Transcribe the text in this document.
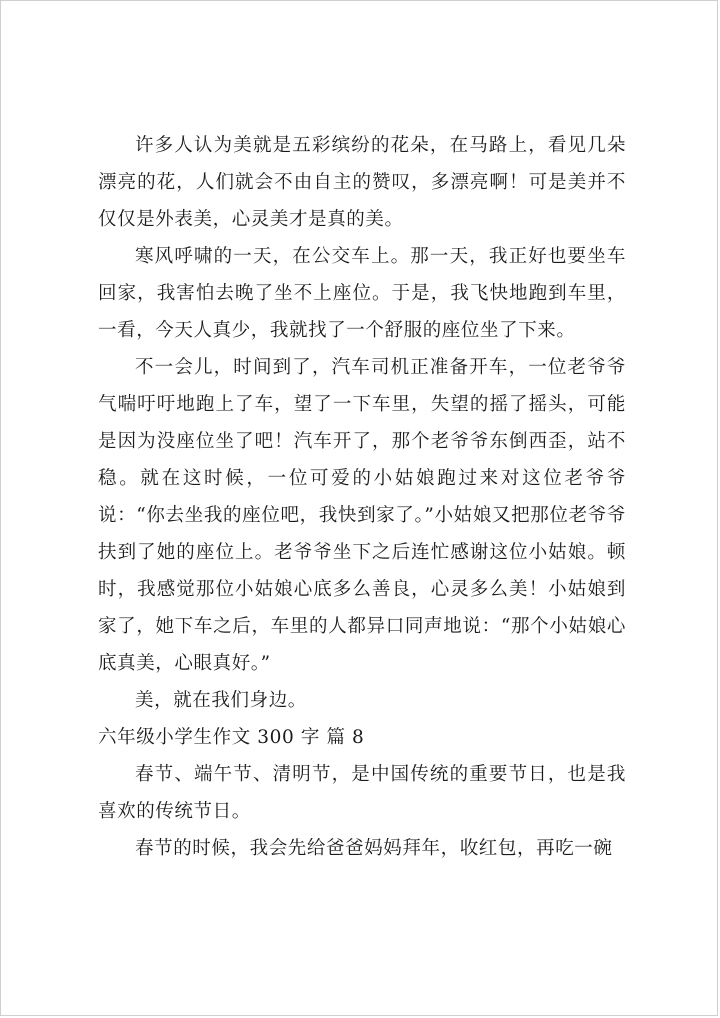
许多人认为美就是五彩缤纷的花朵，在马路上，看见几朵漂亮的花，人们就会不由自主的赞叹，多漂亮啊！可是美并不仅仅是外表美，心灵美才是真的美。

寒风呼啸的一天，在公交车上。那一天，我正好也要坐车回家，我害怕去晚了坐不上座位。于是，我飞快地跑到车里，一看，今天人真少，我就找了一个舒服的座位坐了下来。

不一会儿，时间到了，汽车司机正准备开车，一位老爷爷气喘吁吁地跑上了车，望了一下车里，失望的摇了摇头，可能是因为没座位坐了吧！汽车开了，那个老爷爷东倒西歪，站不稳。就在这时候，一位可爱的小姑娘跑过来对这位老爷爷说：“你去坐我的座位吧，我快到家了。”小姑娘又把那位老爷爷扶到了她的座位上。老爷爷坐下之后连忙感谢这位小姑娘。顿时，我感觉那位小姑娘心底多么善良，心灵多么美！小姑娘到家了，她下车之后，车里的人都异口同声地说：“那个小姑娘心底真美，心眼真好。”

美，就在我们身边。

六年级小学生作文 300 字 篇 8

春节、端午节、清明节，是中国传统的重要节日，也是我喜欢的传统节日。

春节的时候，我会先给爸爸妈妈拜年，收红包，再吃一碗
